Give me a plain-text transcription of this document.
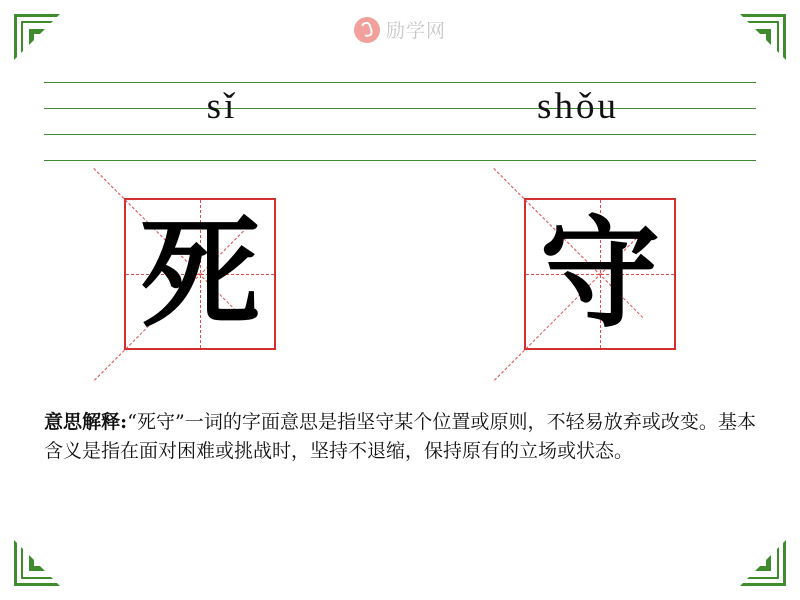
励学网
sǐ	shǒu
死 守
意思解释:“死守”一词的字面意思是指坚守某个位置或原则，不轻易放弃或改变。基本含义是指在面对困难或挑战时，坚持不退缩，保持原有的立场或状态。
